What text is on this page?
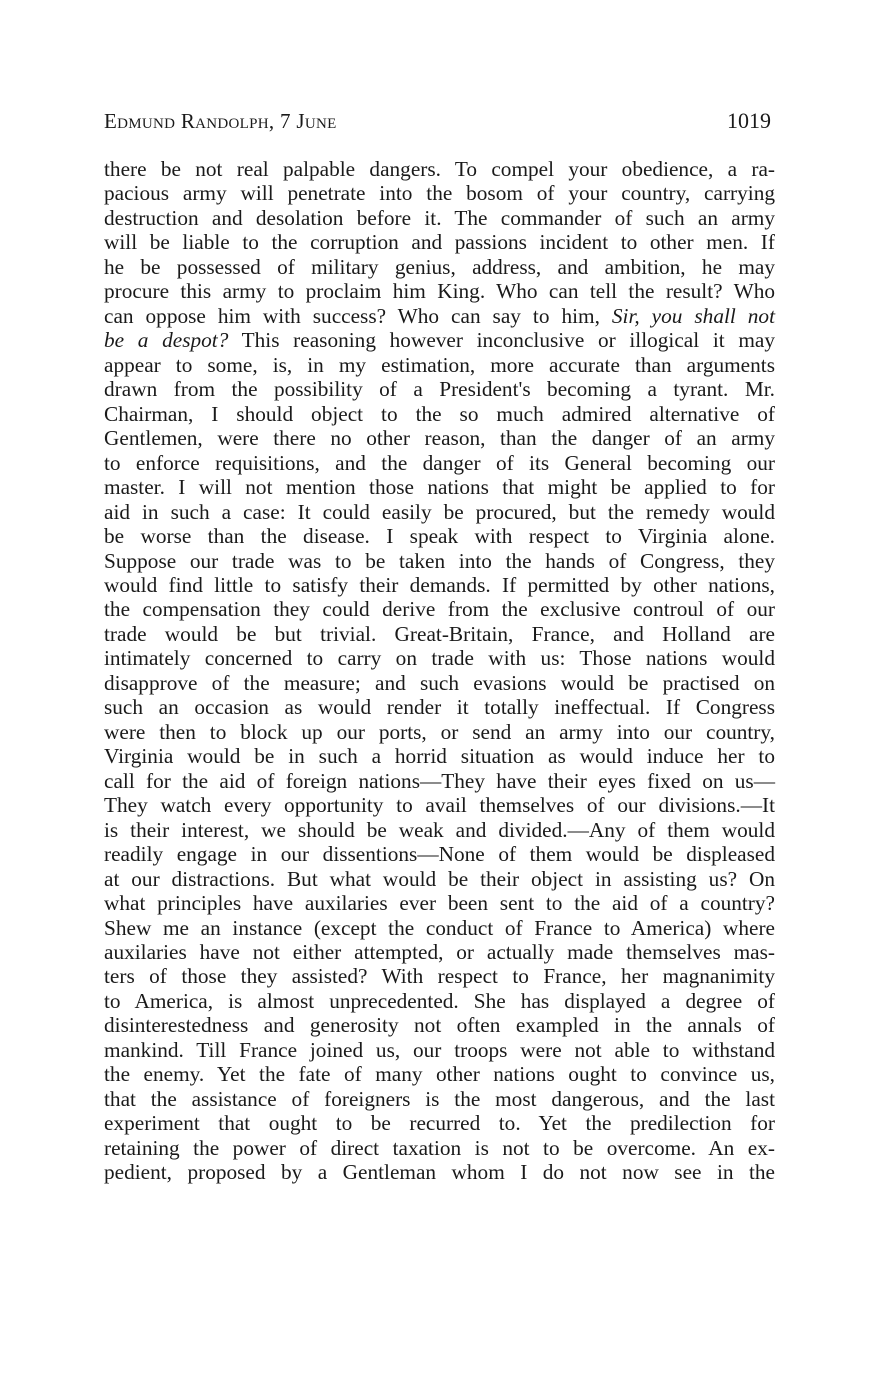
Edmund Randolph, 7 June	1019
there be not real palpable dangers. To compel your obedience, a ra-
pacious army will penetrate into the bosom of your country, carrying
destruction and desolation before it. The commander of such an army
will be liable to the corruption and passions incident to other men. If
he be possessed of military genius, address, and ambition, he may
procure this army to proclaim him King. Who can tell the result? Who
can oppose him with success? Who can say to him, Sir, you shall not
be a despot? This reasoning however inconclusive or illogical it may
appear to some, is, in my estimation, more accurate than arguments
drawn from the possibility of a President's becoming a tyrant. Mr.
Chairman, I should object to the so much admired alternative of
Gentlemen, were there no other reason, than the danger of an army
to enforce requisitions, and the danger of its General becoming our
master. I will not mention those nations that might be applied to for
aid in such a case: It could easily be procured, but the remedy would
be worse than the disease. I speak with respect to Virginia alone.
Suppose our trade was to be taken into the hands of Congress, they
would find little to satisfy their demands. If permitted by other nations,
the compensation they could derive from the exclusive controul of our
trade would be but trivial. Great-Britain, France, and Holland are
intimately concerned to carry on trade with us: Those nations would
disapprove of the measure; and such evasions would be practised on
such an occasion as would render it totally ineffectual. If Congress
were then to block up our ports, or send an army into our country,
Virginia would be in such a horrid situation as would induce her to
call for the aid of foreign nations—They have their eyes fixed on us—
They watch every opportunity to avail themselves of our divisions.—It
is their interest, we should be weak and divided.—Any of them would
readily engage in our dissentions—None of them would be displeased
at our distractions. But what would be their object in assisting us? On
what principles have auxilaries ever been sent to the aid of a country?
Shew me an instance (except the conduct of France to America) where
auxilaries have not either attempted, or actually made themselves mas-
ters of those they assisted? With respect to France, her magnanimity
to America, is almost unprecedented. She has displayed a degree of
disinterestedness and generosity not often exampled in the annals of
mankind. Till France joined us, our troops were not able to withstand
the enemy. Yet the fate of many other nations ought to convince us,
that the assistance of foreigners is the most dangerous, and the last
experiment that ought to be recurred to. Yet the predilection for
retaining the power of direct taxation is not to be overcome. An ex-
pedient, proposed by a Gentleman whom I do not now see in the
